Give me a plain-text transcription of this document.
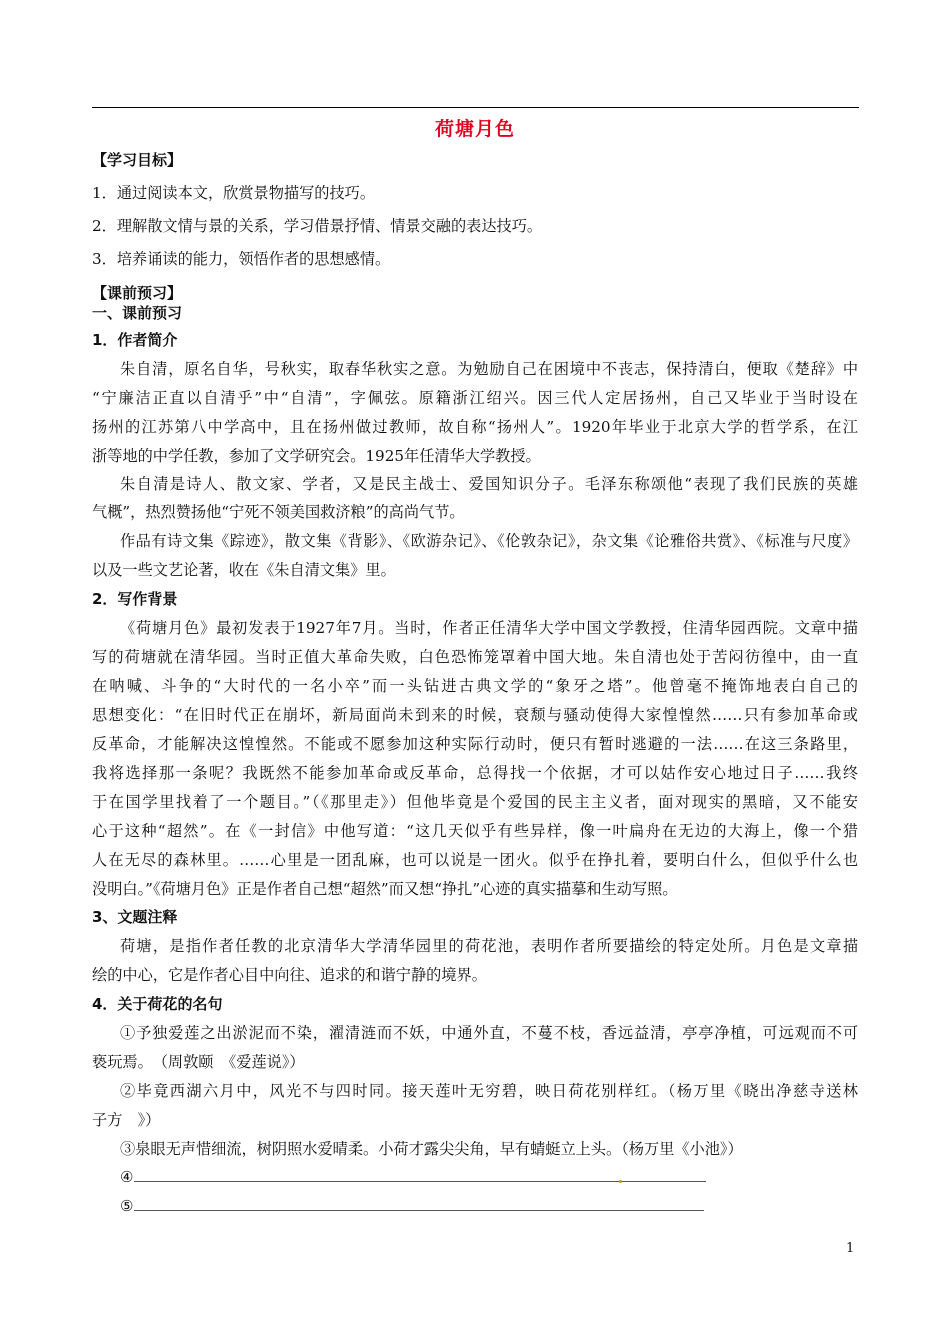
荷塘月色
【学习目标】
1．通过阅读本文，欣赏景物描写的技巧。
2．理解散文情与景的关系，学习借景抒情、情景交融的表达技巧。
3．培养诵读的能力，领悟作者的思想感情。
【课前预习】
一、课前预习
1．作者简介
朱自清，原名自华，号秋实，取春华秋实之意。为勉励自己在困境中不丧志，保持清白，便取《楚辞》中
“宁廉洁正直以自清乎”中“自清”，字佩弦。原籍浙江绍兴。因三代人定居扬州，自己又毕业于当时设在
扬州的江苏第八中学高中，且在扬州做过教师，故自称“扬州人”。1920年毕业于北京大学的哲学系，在江
浙等地的中学任教，参加了文学研究会。1925年任清华大学教授。
朱自清是诗人、散文家、学者，又是民主战士、爱国知识分子。毛泽东称颂他“表现了我们民族的英雄
气概”，热烈赞扬他“宁死不领美国救济粮”的高尚气节。
作品有诗文集《踪迹》，散文集《背影》、《欧游杂记》、《伦敦杂记》，杂文集《论雅俗共赏》、《标准与尺度》
以及一些文艺论著，收在《朱自清文集》里。
2．写作背景
《荷塘月色》最初发表于1927年7月。当时，作者正任清华大学中国文学教授，住清华园西院。文章中描
写的荷塘就在清华园。当时正值大革命失败，白色恐怖笼罩着中国大地。朱自清也处于苦闷彷徨中，由一直
在呐喊、斗争的“大时代的一名小卒”而一头钻进古典文学的“象牙之塔”。他曾毫不掩饰地表白自己的
思想变化：“在旧时代正在崩坏，新局面尚未到来的时候，衰颓与骚动使得大家惶惶然……只有参加革命或
反革命，才能解决这惶惶然。不能或不愿参加这种实际行动时，便只有暂时逃避的一法……在这三条路里，
我将选择那一条呢？我既然不能参加革命或反革命，总得找一个依据，才可以姑作安心地过日子……我终
于在国学里找着了一个题目。”（《那里走》）但他毕竟是个爱国的民主主义者，面对现实的黑暗，又不能安
心于这种“超然”。在《一封信》中他写道：“这几天似乎有些异样，像一叶扁舟在无边的大海上，像一个猎
人在无尽的森林里。……心里是一团乱麻，也可以说是一团火。似乎在挣扎着，要明白什么，但似乎什么也
没明白。”《荷塘月色》正是作者自己想“超然”而又想“挣扎”心迹的真实描摹和生动写照。
3、文题注释
荷塘，是指作者任教的北京清华大学清华园里的荷花池，表明作者所要描绘的特定处所。月色是文章描
绘的中心，它是作者心目中向往、追求的和谐宁静的境界。
4．关于荷花的名句
①予独爱莲之出淤泥而不染，濯清涟而不妖，中通外直，不蔓不枝，香远益清，亭亭净植，可远观而不可
亵玩焉。　（周敦颐　《爱莲说》）
②毕竟西湖六月中，风光不与四时同。接天莲叶无穷碧，映日荷花别样红。（杨万里《晓出净慈寺送林
子方　》）
③泉眼无声惜细流，树阴照水爱晴柔。小荷才露尖尖角，早有蜻蜓立上头。（杨万里《小池》）
④
⑤
1
